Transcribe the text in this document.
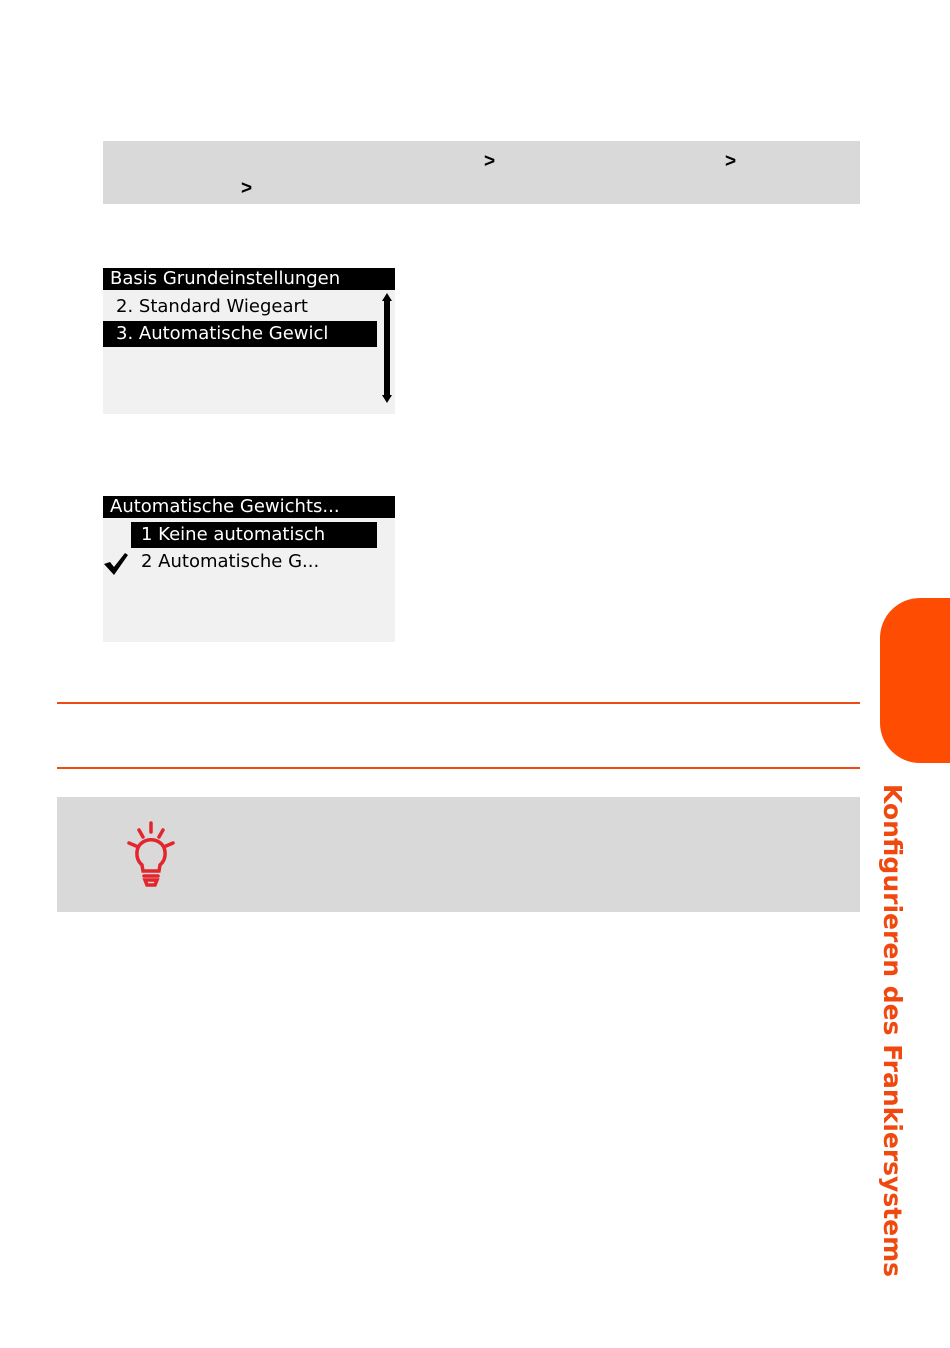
>	>
>
Basis Grundeinstellungen
2. Standard Wiegeart
3. Automatische Gewicl
Automatische Gewichts...
1 Keine automatisch
2 Automatische G...
Konfigurieren des Frankiersystems
